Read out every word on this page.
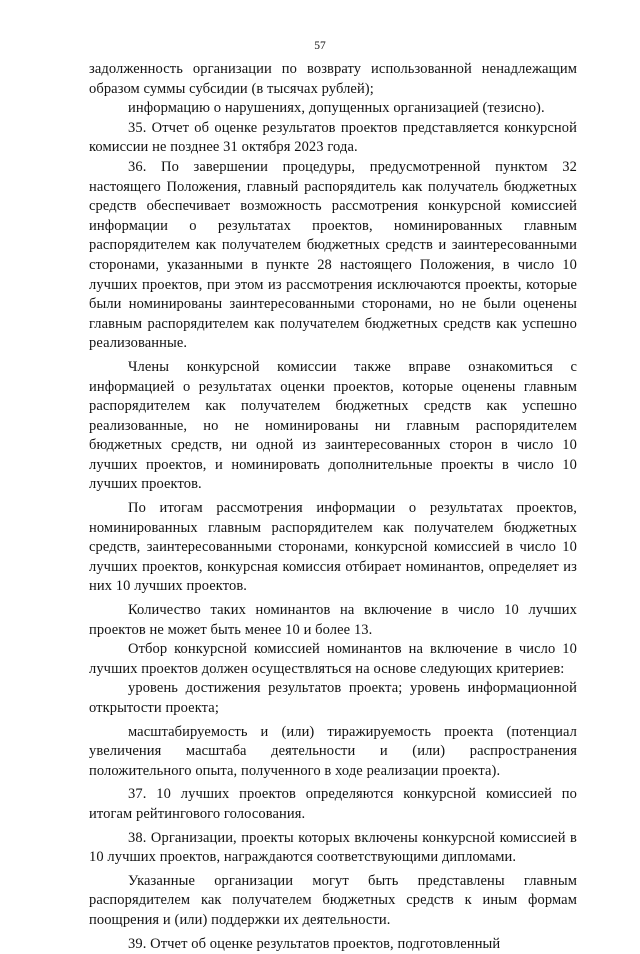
57

задолженность организации по возврату использованной ненадлежащим образом суммы субсидии (в тысячах рублей);

информацию о нарушениях, допущенных организацией (тезисно).

35. Отчет об оценке результатов проектов представляется конкурсной комиссии не позднее 31 октября 2023 года.

36. По завершении процедуры, предусмотренной пунктом 32 настоящего Положения, главный распорядитель как получатель бюджетных средств обеспечивает возможность рассмотрения конкурсной комиссией информации о результатах проектов, номинированных главным распорядителем как получателем бюджетных средств и заинтересованными сторонами, указанными в пункте 28 настоящего Положения, в число 10 лучших проектов, при этом из рассмотрения исключаются проекты, которые были номинированы заинтересованными сторонами, но не были оценены главным распорядителем как получателем бюджетных средств как успешно реализованные.

Члены конкурсной комиссии также вправе ознакомиться с информацией о результатах оценки проектов, которые оценены главным распорядителем как получателем бюджетных средств как успешно реализованные, но не номинированы ни главным распорядителем бюджетных средств, ни одной из заинтересованных сторон в число 10 лучших проектов, и номинировать дополнительные проекты в число 10 лучших проектов.

По итогам рассмотрения информации о результатах проектов, номинированных главным распорядителем как получателем бюджетных средств, заинтересованными сторонами, конкурсной комиссией в число 10 лучших проектов, конкурсная комиссия отбирает номинантов, определяет из них 10 лучших проектов.

Количество таких номинантов на включение в число 10 лучших проектов не может быть менее 10 и более 13.

Отбор конкурсной комиссией номинантов на включение в число 10 лучших проектов должен осуществляться на основе следующих критериев:

уровень достижения результатов проекта; уровень информационной открытости проекта;

масштабируемость и (или) тиражируемость проекта (потенциал увеличения масштаба деятельности и (или) распространения положительного опыта, полученного в ходе реализации проекта).

37. 10 лучших проектов определяются конкурсной комиссией по итогам рейтингового голосования.

38. Организации, проекты которых включены конкурсной комиссией в 10 лучших проектов, награждаются соответствующими дипломами.

Указанные организации могут быть представлены главным распорядителем как получателем бюджетных средств к иным формам поощрения и (или) поддержки их деятельности.

39. Отчет об оценке результатов проектов, подготовленный
